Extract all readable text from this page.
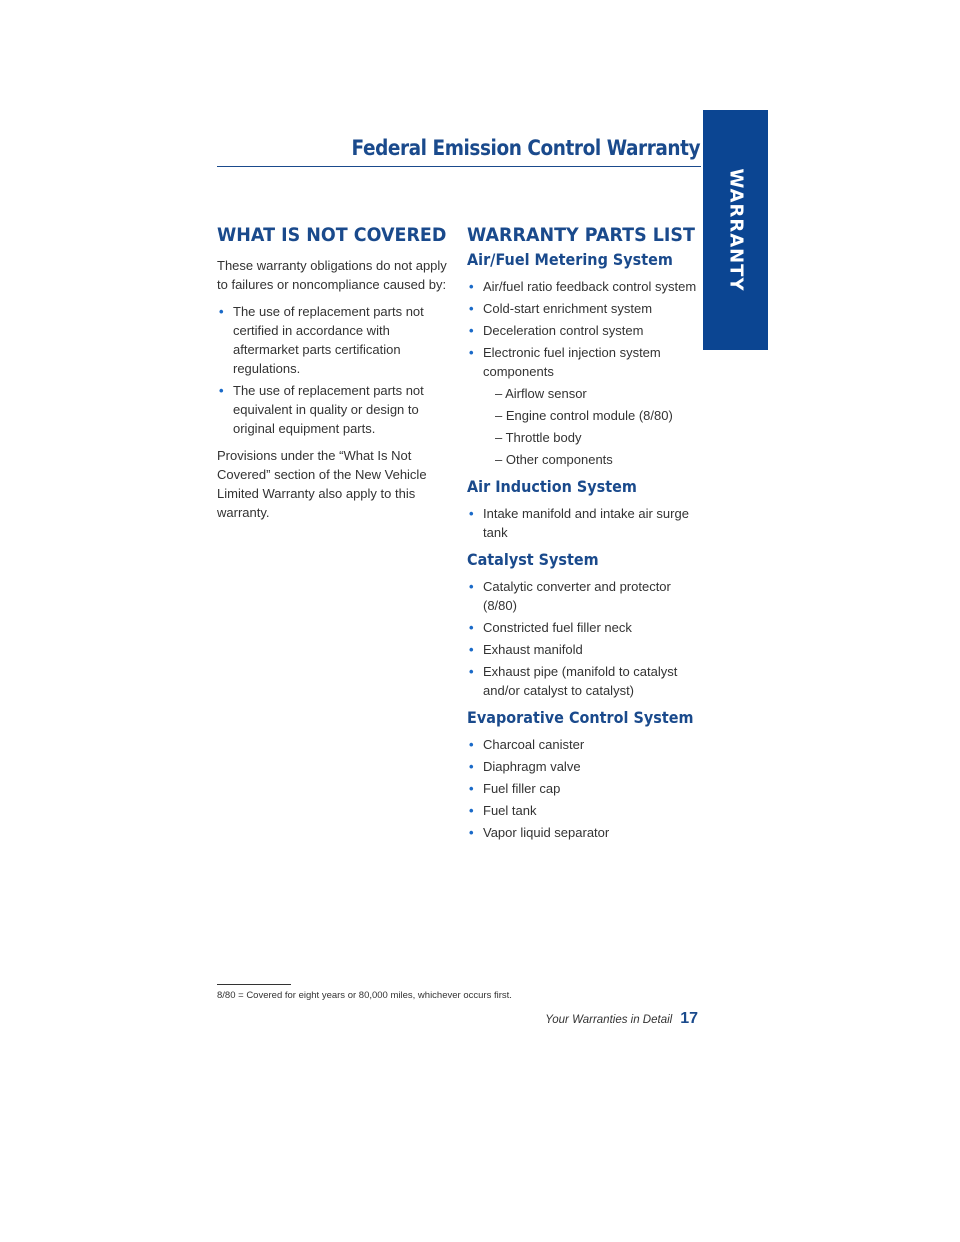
Federal Emission Control Warranty
WARRANTY
WHAT IS NOT COVERED

These warranty obligations do not apply to failures or noncompliance caused by:

• The use of replacement parts not certified in accordance with aftermarket parts certification regulations.
• The use of replacement parts not equivalent in quality or design to original equipment parts.

Provisions under the “What Is Not Covered” section of the New Vehicle Limited Warranty also apply to this warranty.

WARRANTY PARTS LIST
Air/Fuel Metering System
• Air/fuel ratio feedback control system
• Cold-start enrichment system
• Deceleration control system
• Electronic fuel injection system components
– Airflow sensor
– Engine control module (8/80)
– Throttle body
– Other components
Air Induction System
• Intake manifold and intake air surge tank
Catalyst System
• Catalytic converter and protector (8/80)
• Constricted fuel filler neck
• Exhaust manifold
• Exhaust pipe (manifold to catalyst and/or catalyst to catalyst)
Evaporative Control System
• Charcoal canister
• Diaphragm valve
• Fuel filler cap
• Fuel tank
• Vapor liquid separator
8/80 = Covered for eight years or 80,000 miles, whichever occurs first.
Your Warranties in Detail 17
